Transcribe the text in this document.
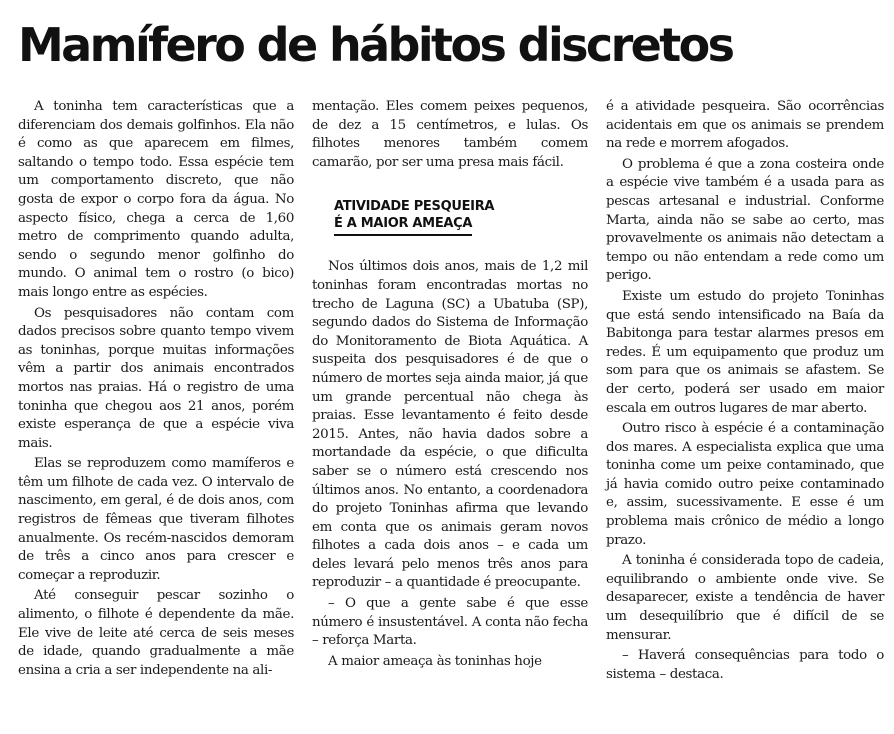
Mamífero de hábitos discretos

A toninha tem características que a diferenciam dos demais golfinhos. Ela não é como as que aparecem em filmes, saltando o tempo todo. Essa espécie tem um comportamento discreto, que não gosta de expor o corpo fora da água. No aspecto físico, chega a cerca de 1,60 metro de comprimento quando adulta, sendo o segundo menor golfinho do mundo. O animal tem o rostro (o bico) mais longo entre as espécies.

Os pesquisadores não contam com dados precisos sobre quanto tempo vivem as toninhas, porque muitas informações vêm a partir dos animais encontrados mortos nas praias. Há o registro de uma toninha que chegou aos 21 anos, porém existe esperança de que a espécie viva mais.

Elas se reproduzem como mamíferos e têm um filhote de cada vez. O intervalo de nascimento, em geral, é de dois anos, com registros de fêmeas que tiveram filhotes anualmente. Os recém-nascidos demoram de três a cinco anos para crescer e começar a reproduzir.

Até conseguir pescar sozinho o alimento, o filhote é dependente da mãe. Ele vive de leite até cerca de seis meses de idade, quando gradualmente a mãe ensina a cria a ser independente na ali-

mentação. Eles comem peixes pequenos, de dez a 15 centímetros, e lulas. Os filhotes menores também comem camarão, por ser uma presa mais fácil.

ATIVIDADE PESQUEIRA
É A MAIOR AMEAÇA

Nos últimos dois anos, mais de 1,2 mil toninhas foram encontradas mortas no trecho de Laguna (SC) a Ubatuba (SP), segundo dados do Sistema de Informação do Monitoramento de Biota Aquática. A suspeita dos pesquisadores é de que o número de mortes seja ainda maior, já que um grande percentual não chega às praias. Esse levantamento é feito desde 2015. Antes, não havia dados sobre a mortandade da espécie, o que dificulta saber se o número está crescendo nos últimos anos. No entanto, a coordenadora do projeto Toninhas afirma que levando em conta que os animais geram novos filhotes a cada dois anos – e cada um deles levará pelo menos três anos para reproduzir – a quantidade é preocupante.

– O que a gente sabe é que esse número é insustentável. A conta não fecha – reforça Marta.

A maior ameaça às toninhas hoje

é a atividade pesqueira. São ocorrências acidentais em que os animais se prendem na rede e morrem afogados.

O problema é que a zona costeira onde a espécie vive também é a usada para as pescas artesanal e industrial. Conforme Marta, ainda não se sabe ao certo, mas provavelmente os animais não detectam a tempo ou não entendam a rede como um perigo.

Existe um estudo do projeto Toninhas que está sendo intensificado na Baía da Babitonga para testar alarmes presos em redes. É um equipamento que produz um som para que os animais se afastem. Se der certo, poderá ser usado em maior escala em outros lugares de mar aberto.

Outro risco à espécie é a contaminação dos mares. A especialista explica que uma toninha come um peixe contaminado, que já havia comido outro peixe contaminado e, assim, sucessivamente. E esse é um problema mais crônico de médio a longo prazo.

A toninha é considerada topo de cadeia, equilibrando o ambiente onde vive. Se desaparecer, existe a tendência de haver um desequilíbrio que é difícil de se mensurar.

– Haverá consequências para todo o sistema – destaca.
